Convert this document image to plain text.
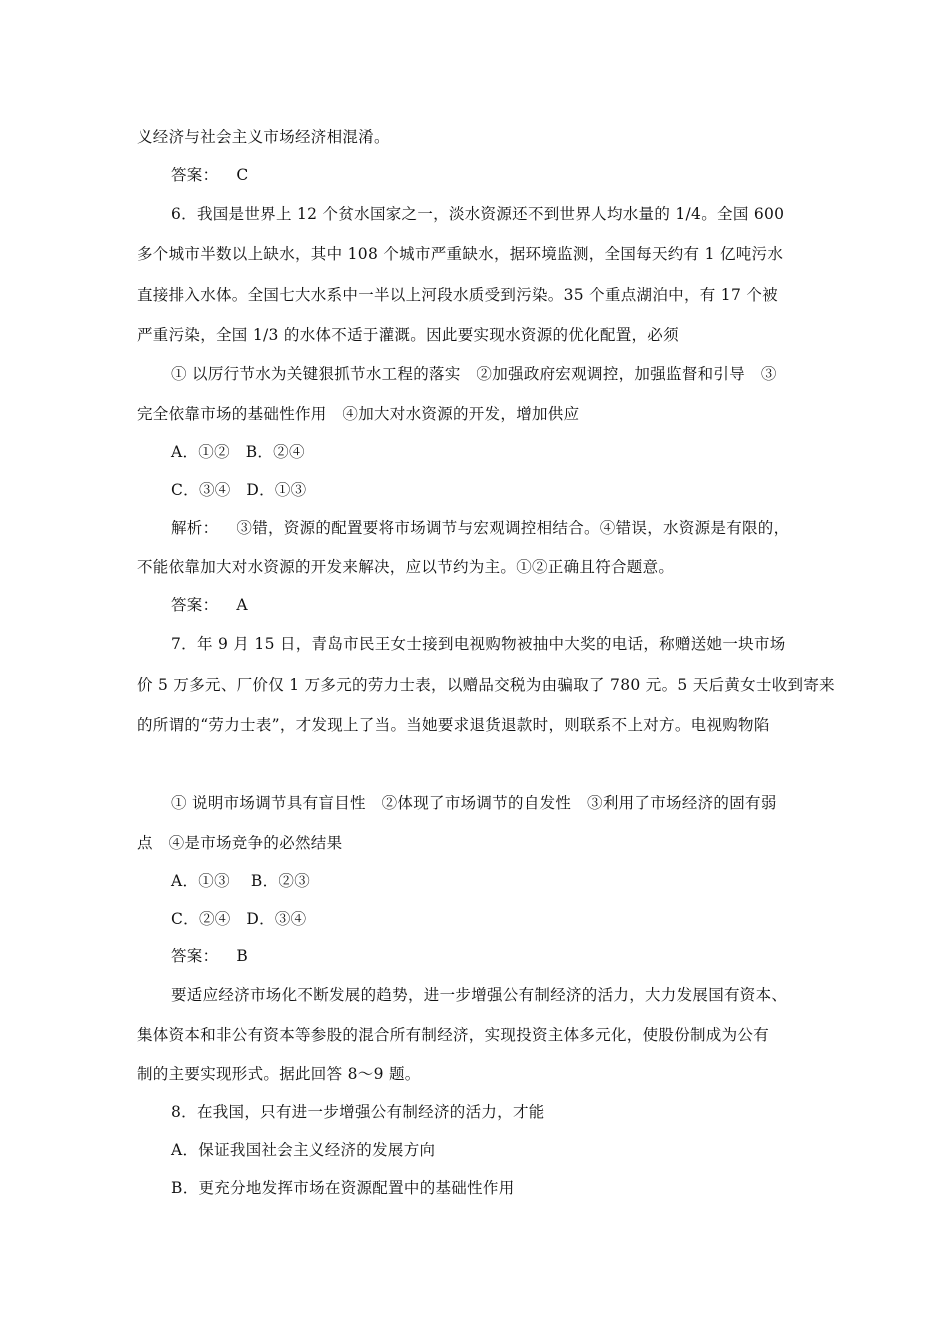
义经济与社会主义市场经济相混淆。
答案： C
6．我国是世界上 12 个贫水国家之一，淡水资源还不到世界人均水量的 1/4。全国 600
多个城市半数以上缺水，其中 108 个城市严重缺水，据环境监测，全国每天约有 1 亿吨污水
直接排入水体。全国七大水系中一半以上河段水质受到污染。35 个重点湖泊中，有 17 个被
严重污染，全国 1/3 的水体不适于灌溉。因此要实现水资源的优化配置，必须
① 以厉行节水为关键狠抓节水工程的落实　②加强政府宏观调控，加强监督和引导　③
完全依靠市场的基础性作用　④加大对水资源的开发，增加供应
A．①②　B．②④
C．③④　D．①③
解析： ③错，资源的配置要将市场调节与宏观调控相结合。④错误，水资源是有限的，
不能依靠加大对水资源的开发来解决，应以节约为主。①②正确且符合题意。
答案： A
7．年 9 月 15 日，青岛市民王女士接到电视购物被抽中大奖的电话，称赠送她一块市场
价 5 万多元、厂价仅 1 万多元的劳力士表，以赠品交税为由骗取了 780 元。5 天后黄女士收到寄来
的所谓的“劳力士表”，才发现上了当。当她要求退货退款时，则联系不上对方。电视购物陷
① 说明市场调节具有盲目性　②体现了市场调节的自发性　③利用了市场经济的固有弱
点　④是市场竞争的必然结果
A．①③　 B．②③
C．②④　D．③④
答案： B
要适应经济市场化不断发展的趋势，进一步增强公有制经济的活力，大力发展国有资本、
集体资本和非公有资本等参股的混合所有制经济，实现投资主体多元化，使股份制成为公有
制的主要实现形式。据此回答 8～9 题。
8．在我国，只有进一步增强公有制经济的活力，才能
A．保证我国社会主义经济的发展方向
B．更充分地发挥市场在资源配置中的基础性作用
